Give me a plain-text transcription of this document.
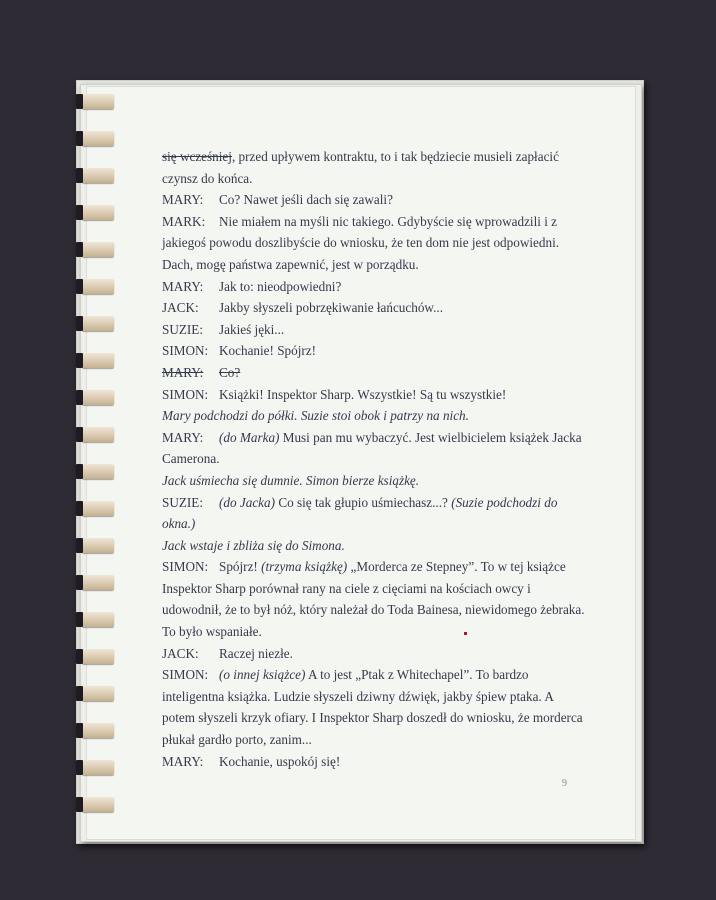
się wcześniej, przed upływem kontraktu, to i tak będziecie musieli zapłacić
czynsz do końca.
MARY: Co? Nawet jeśli dach się zawali?
MARK: Nie miałem na myśli nic takiego. Gdybyście się wprowadzili i z
jakiegoś powodu doszlibyście do wniosku, że ten dom nie jest odpowiedni.
Dach, mogę państwa zapewnić, jest w porządku.
MARY: Jak to: nieodpowiedni?
JACK: Jakby słyszeli pobrzękiwanie łańcuchów...
SUZIE: Jakieś jęki...
SIMON: Kochanie! Spójrz!
MARY: Co?
SIMON: Książki! Inspektor Sharp. Wszystkie! Są tu wszystkie!
Mary podchodzi do półki. Suzie stoi obok i patrzy na nich.
MARY: (do Marka) Musi pan mu wybaczyć. Jest wielbicielem książek Jacka
Camerona.
Jack uśmiecha się dumnie. Simon bierze książkę.
SUZIE: (do Jacka) Co się tak głupio uśmiechasz...? (Suzie podchodzi do
okna.)
Jack wstaje i zbliża się do Simona.
SIMON: Spójrz! (trzyma książkę) „Morderca ze Stepney”. To w tej książce
Inspektor Sharp porównał rany na ciele z cięciami na kościach owcy i
udowodnił, że to był nóż, który należał do Toda Bainesa, niewidomego żebraka.
To było wspaniałe.
JACK: Raczej niezłe.
SIMON: (o innej książce) A to jest „Ptak z Whitechapel”. To bardzo
inteligentna książka. Ludzie słyszeli dziwny dźwięk, jakby śpiew ptaka. A
potem słyszeli krzyk ofiary. I Inspektor Sharp doszedł do wniosku, że morderca
płukał gardło porto, zanim...
MARY: Kochanie, uspokój się!
9
